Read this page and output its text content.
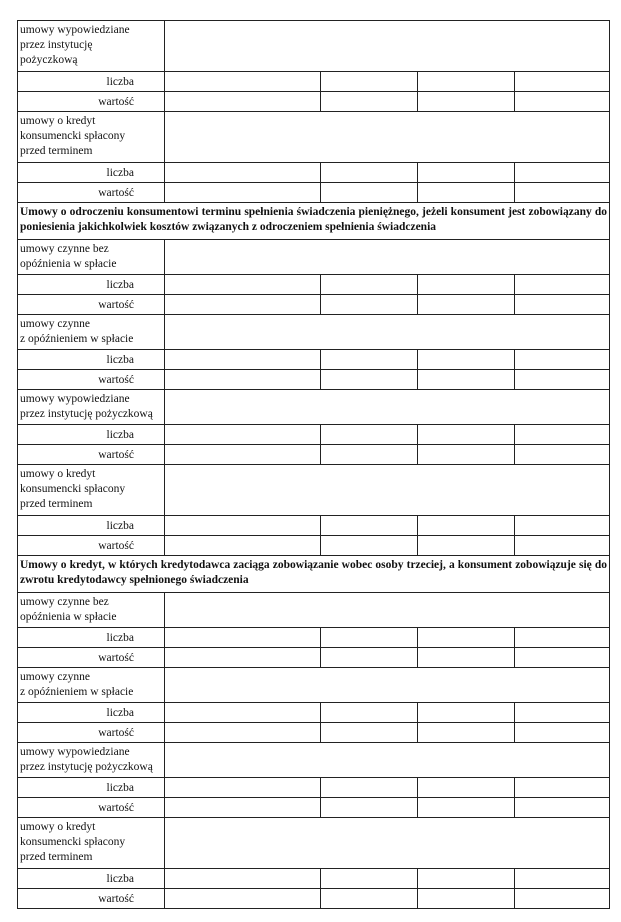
umowy wypowiedziane
przez instytucję
pożyczkową				
liczba				
wartość				
umowy o kredyt
konsumencki spłacony
przed terminem				
liczba				
wartość				
Umowy o odroczeniu konsumentowi terminu spełnienia świadczenia pieniężnego, jeżeli konsument jest zobowiązany do poniesienia jakichkolwiek kosztów związanych z odroczeniem spełnienia świadczenia				
umowy czynne bez opóźnienia w spłacie				
liczba				
wartość				
umowy czynne
z opóźnieniem w spłacie				
liczba				
wartość				
umowy wypowiedziane
przez instytucję pożyczkową				
liczba				
wartość				
umowy o kredyt
konsumencki spłacony
przed terminem				
liczba				
wartość				
Umowy o kredyt, w których kredytodawca zaciąga zobowiązanie wobec osoby trzeciej, a konsument zobowiązuje się do zwrotu kredytodawcy spełnionego świadczenia				
umowy czynne bez opóźnienia w spłacie				
liczba				
wartość				
umowy czynne
z opóźnieniem w spłacie				
liczba				
wartość				
umowy wypowiedziane
przez instytucję pożyczkową				
liczba				
wartość				
umowy o kredyt
konsumencki spłacony
przed terminem				
liczba				
wartość				
